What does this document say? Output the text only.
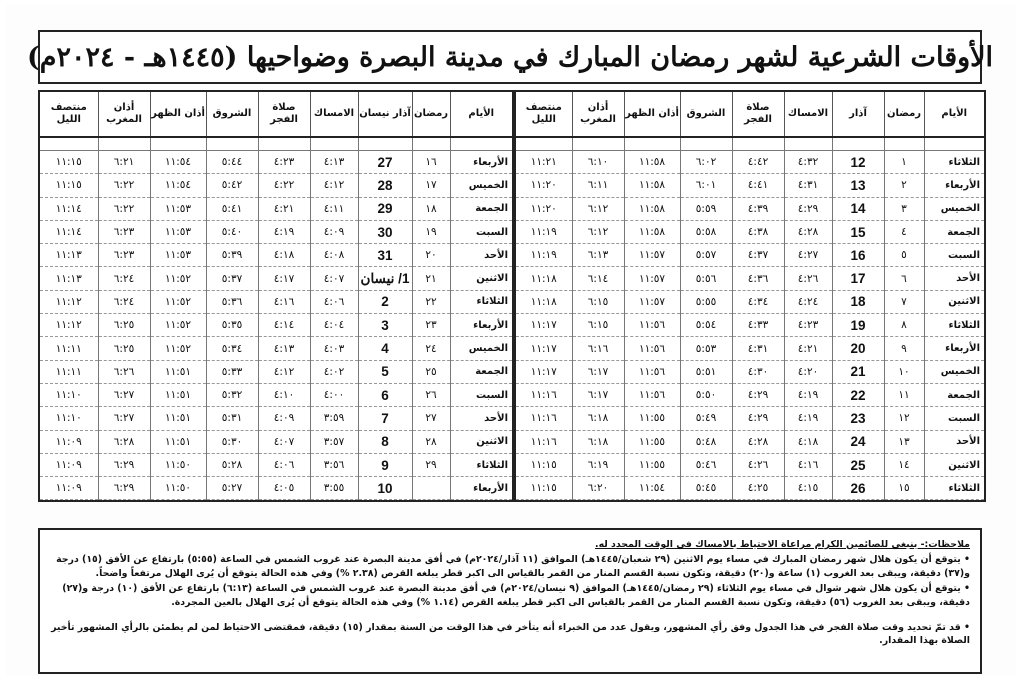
الأوقات الشرعية لشهر رمضان المبارك في مدينة البصرة وضواحيها (١٤٤٥هـ - ٢٠٢٤م)
الأيام	رمضان	آذار	الامساك	صلاة الفجر	الشروق	أذان الظهر	أذان المغرب	منتصف الليل

الثلاثاء	١	12	٤:٣٢	٤:٤٢	٦:٠٢	١١:٥٨	٦:١٠	١١:٢١
الأربعاء	٢	13	٤:٣١	٤:٤١	٦:٠١	١١:٥٨	٦:١١	١١:٢٠
الخميس	٣	14	٤:٢٩	٤:٣٩	٥:٥٩	١١:٥٨	٦:١٢	١١:٢٠
الجمعة	٤	15	٤:٢٨	٤:٣٨	٥:٥٨	١١:٥٨	٦:١٢	١١:١٩
السبت	٥	16	٤:٢٧	٤:٣٧	٥:٥٧	١١:٥٧	٦:١٣	١١:١٩
الأحد	٦	17	٤:٢٦	٤:٣٦	٥:٥٦	١١:٥٧	٦:١٤	١١:١٨
الاثنين	٧	18	٤:٢٤	٤:٣٤	٥:٥٥	١١:٥٧	٦:١٥	١١:١٨
الثلاثاء	٨	19	٤:٢٣	٤:٣٣	٥:٥٤	١١:٥٦	٦:١٥	١١:١٧
الأربعاء	٩	20	٤:٢١	٤:٣١	٥:٥٣	١١:٥٦	٦:١٦	١١:١٧
الخميس	١٠	21	٤:٢٠	٤:٣٠	٥:٥١	١١:٥٦	٦:١٧	١١:١٧
الجمعة	١١	22	٤:١٩	٤:٢٩	٥:٥٠	١١:٥٦	٦:١٧	١١:١٦
السبت	١٢	23	٤:١٩	٤:٢٩	٥:٤٩	١١:٥٥	٦:١٨	١١:١٦
الأحد	١٣	24	٤:١٨	٤:٢٨	٥:٤٨	١١:٥٥	٦:١٨	١١:١٦
الاثنين	١٤	25	٤:١٦	٤:٢٦	٥:٤٦	١١:٥٥	٦:١٩	١١:١٥
الثلاثاء	١٥	26	٤:١٥	٤:٢٥	٥:٤٥	١١:٥٤	٦:٢٠	١١:١٥
الأيام	رمضان	آذار نيسان	الامساك	صلاة الفجر	الشروق	أذان الظهر	أذان المغرب	منتصف الليل

الأربعاء	١٦	27	٤:١٣	٤:٢٣	٥:٤٤	١١:٥٤	٦:٢١	١١:١٥
الخميس	١٧	28	٤:١٢	٤:٢٢	٥:٤٢	١١:٥٤	٦:٢٢	١١:١٥
الجمعة	١٨	29	٤:١١	٤:٢١	٥:٤١	١١:٥٣	٦:٢٢	١١:١٤
السبت	١٩	30	٤:٠٩	٤:١٩	٥:٤٠	١١:٥٣	٦:٢٣	١١:١٤
الأحد	٢٠	31	٤:٠٨	٤:١٨	٥:٣٩	١١:٥٣	٦:٢٣	١١:١٣
الاثنين	٢١	1/ نيسان	٤:٠٧	٤:١٧	٥:٣٧	١١:٥٢	٦:٢٤	١١:١٣
الثلاثاء	٢٢	2	٤:٠٦	٤:١٦	٥:٣٦	١١:٥٢	٦:٢٤	١١:١٢
الأربعاء	٢٣	3	٤:٠٤	٤:١٤	٥:٣٥	١١:٥٢	٦:٢٥	١١:١٢
الخميس	٢٤	4	٤:٠٣	٤:١٣	٥:٣٤	١١:٥٢	٦:٢٥	١١:١١
الجمعة	٢٥	5	٤:٠٢	٤:١٢	٥:٣٣	١١:٥١	٦:٢٦	١١:١١
السبت	٢٦	6	٤:٠٠	٤:١٠	٥:٣٢	١١:٥١	٦:٢٧	١١:١٠
الأحد	٢٧	7	٣:٥٩	٤:٠٩	٥:٣١	١١:٥١	٦:٢٧	١١:١٠
الاثنين	٢٨	8	٣:٥٧	٤:٠٧	٥:٣٠	١١:٥١	٦:٢٨	١١:٠٩
الثلاثاء	٢٩	9	٣:٥٦	٤:٠٦	٥:٢٨	١١:٥٠	٦:٢٩	١١:٠٩
الأربعاء		10	٣:٥٥	٤:٠٥	٥:٢٧	١١:٥٠	٦:٢٩	١١:٠٩

ملاحظات:- ينبغي للصائمين الكرام مراعاة الاحتياط بالامساك في الوقت المحدد له.

• يتوقع أن يكون هلال شهر رمضان المبارك في مساء يوم الاثنين (٢٩ شعبان/١٤٤٥هـ) الموافق (١١ آذار/٢٠٢٤م) في أفق مدينة البصرة عند غروب الشمس في الساعة (٥:٥٥) بارتفاع عن الأفق (١٥) درجة و(٣٧) دقيقة، ويبقى بعد الغروب (١) ساعة و(٢٠) دقيقة، وتكون نسبة القسم المنار من القمر بالقياس الى اكبر قطر يبلغه القرص (٢.٣٨ %) وفي هذه الحالة يتوقع أن يُرى الهلال مرتفعاً واضحاً.

• يتوقع أن يكون هلال شهر شوال في مساء يوم الثلاثاء (٢٩ رمضان/١٤٤٥هـ) الموافق (٩ نيسان/٢٠٢٤م) في أفق مدينة البصرة عند غروب الشمس في الساعة (٦:١٣) بارتفاع عن الأفق (١٠) درجة و(٢٧) دقيقة، ويبقى بعد الغروب (٥٦) دقيقة، وتكون نسبة القسم المنار من القمر بالقياس الى اكبر قطر يبلغه القرص (١.١٤ %) وفي هذه الحالة يتوقع أن يُرى الهلال بالعين المجردة.

• قد تمّ تحديد وقت صلاة الفجر في هذا الجدول وفق رأي المشهور، ويقول عدد من الخبراء أنه يتأخر في هذا الوقت من السنة بمقدار (١٥) دقيقة، فمقتضى الاحتياط لمن لم يطمئن بالرأي المشهور تأخير الصلاة بهذا المقدار.
